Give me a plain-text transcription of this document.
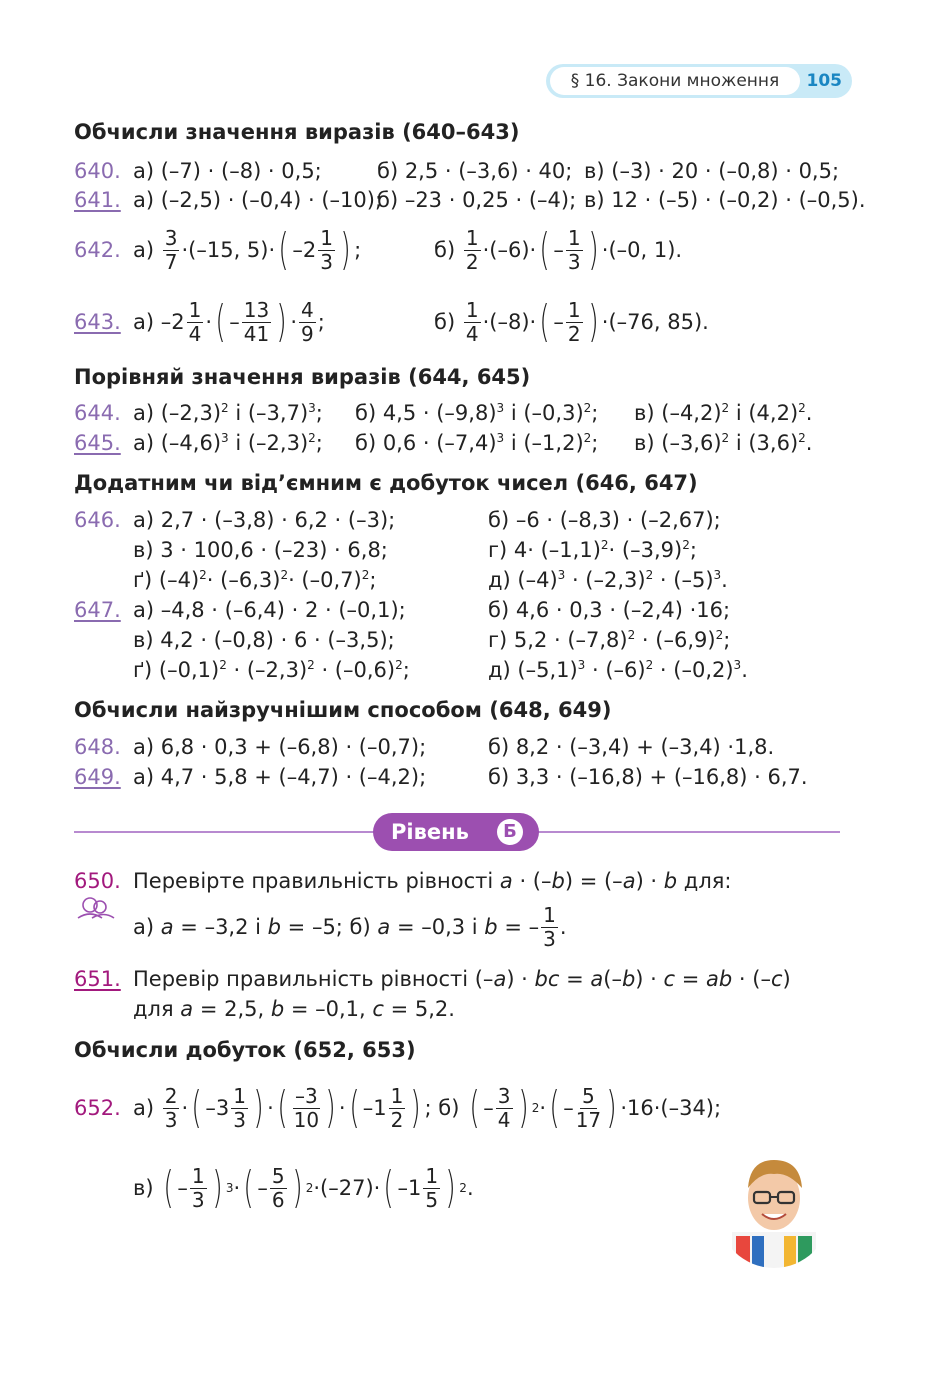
§ 16. Закони множення	105
Обчисли значення виразів (640–643)
640. а) (–7) · (–8) · 0,5;	б) 2,5 · (–3,6) · 40; в) (–3) · 20 · (–0,8) · 0,5;
641. а) (–2,5) · (–0,4) · (–10);
б) –23 · 0,25 · (–4); в) 12 · (–5) · (–0,2) · (–0,5).
642. а)
$\frac{3}{7}$ ·( –15, 5 )· ( $-2 \frac{1}{3}$ ) ;	б)
$\frac{1}{2}$ ·( –6 )· ( – $\frac{1}{3}$ ) ·( –0, 1 ).
643. а)
$-2 \frac{1}{4}$ · ( – $\frac{13}{41}$ ) · $\frac{4}{9}$ ;	б)
$\frac{1}{4}$ ·( –8 )· ( – $\frac{1}{2}$ ) ·( –76, 85 ).
Порівняй значення виразів (644, 645)
644. а) $(-2,3)^2$ і $(-3,7)^3$; б) $4,5 \cdot (-9,8)^3$ і $(-0,3)^2$; в) $(-4,2)^2$ і $(4,2)^2$.
645. а) $(-4,6)^3$ і $(-2,3)^2$; б) $0,6 \cdot (-7,4)^3$ і $(-1,2)^2$; в) $(-3,6)^2$ і $(3,6)^2$.
Додатним чи від’ємним є добуток чисел (646, 647)
646. а) 2,7 · (–3,8) · 6,2 · (–3);	б) –6 · (–8,3) · (–2,67);
в) 3 · 100,6 · (–23) · 6,8;	г) $4\cdot (-1,1)^2\cdot (-3,9)^2$;
ґ) $(-4)^2\cdot (-6,3)^2\cdot (-0,7)^2$;	д) $(-4)^3 \cdot (-2,3)^2 \cdot (-5)^3$.
647. а) –4,8 · (–6,4) · 2 · (–0,1);	б) 4,6 · 0,3 · (–2,4) ·16;
в) 4,2 · (–0,8) · 6 · (–3,5);	г) $5,2 \cdot (-7,8)^2 \cdot (-6,9)^2$;
ґ) $(-0,1)^2 \cdot (-2,3)^2 \cdot (-0,6)^2$;	д) $(-5,1)^3 \cdot (-6)^2 \cdot (-0,2)^3$.
Обчисли найзручнішим способом (648, 649)
648. а) 6,8 · 0,3 + (–6,8) · (–0,7);	б) 8,2 · (–3,4) + (–3,4) ·1,8.
649. а) 4,7 · 5,8 + (–4,7) · (–4,2);	б) 3,3 · (–16,8) + (–16,8) · 6,7.
Рівень	Б
650. Перевірте правильність рівності a · (–b) = (–a) · b для:
а) a = –3,2 і b = –5; б) a = –0,3 і b = – $\frac{1}{3}$ .
651. Перевір правильність рівності (–a) · bc = a(–b) · c = ab · (–c)
для a = 2,5, b = –0,1, c = 5,2.
Обчисли добуток (652, 653)
652. $а) \frac{2}{3}$ · ( $-3 \frac{1}{3}$ ) · ( $\frac{-3}{10}$ ) · ( $-1 \frac{1}{2}$ ) ; б) ( – $\frac{3}{4}$ ) 2 · ( – $\frac{5}{17}$ ) ·16·(–34);
в) ( – $\frac{1}{3}$ ) 3 · ( – $\frac{5}{6}$ ) 2 ·(–27)· ( $-1 \frac{1}{5}$ ) 2 .
